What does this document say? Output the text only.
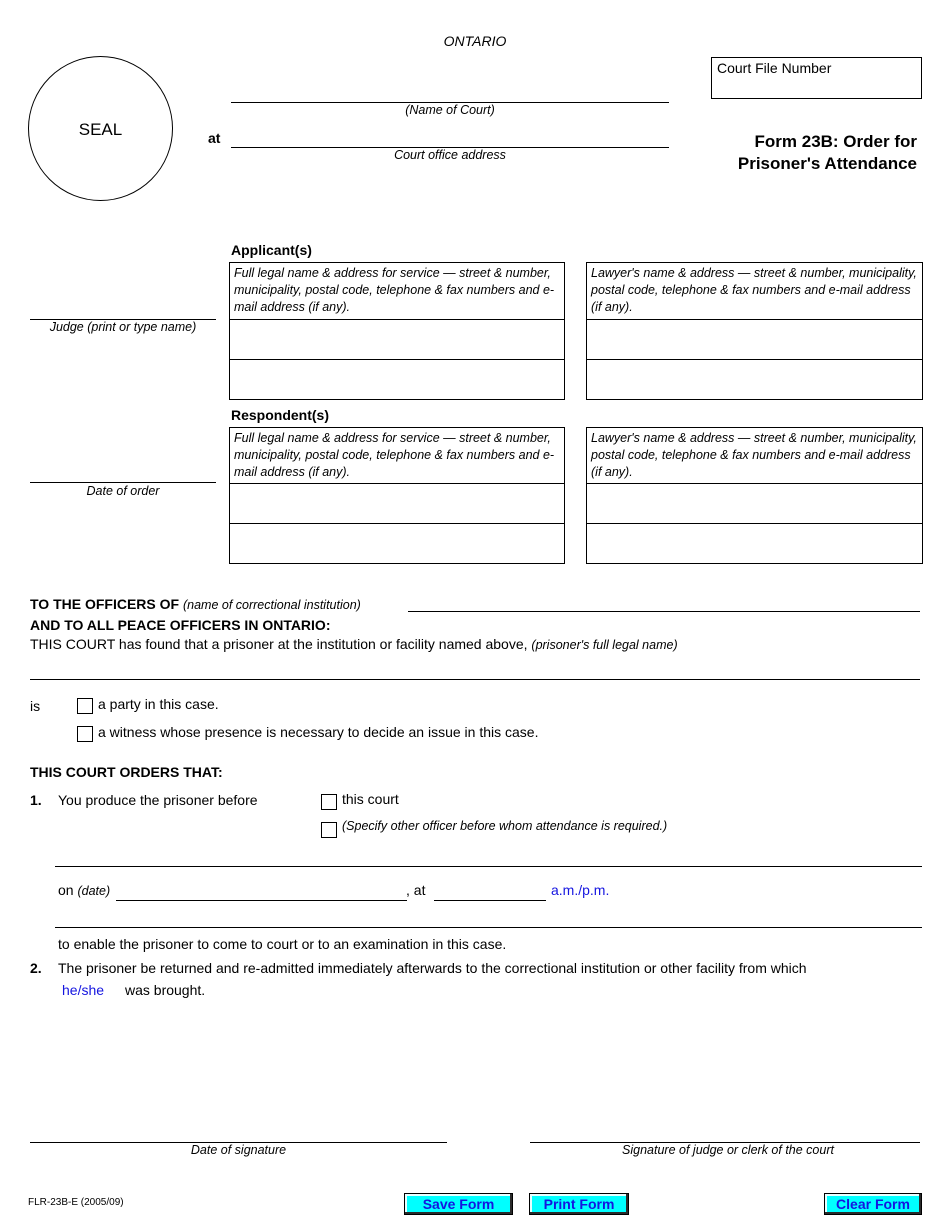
ONTARIO
SEAL
(Name of Court)
at
Court office address
Court File Number
Form 23B: Order for
Prisoner's Attendance
Judge (print or type name)
Date of order
Applicant(s)
Full legal name & address for service — street & number, municipality, postal code, telephone & fax numbers and e-mail address (if any).
Lawyer's name & address — street & number, municipality, postal code, telephone & fax numbers and e-mail address (if any).
Respondent(s)
Full legal name & address for service — street & number, municipality, postal code, telephone & fax numbers and e-mail address (if any).
Lawyer's name & address — street & number, municipality, postal code, telephone & fax numbers and e-mail address (if any).
TO THE OFFICERS OF (name of correctional institution)
AND TO ALL PEACE OFFICERS IN ONTARIO:
THIS COURT has found that a prisoner at the institution or facility named above, (prisoner's full legal name)
is	a party in this case.
a witness whose presence is necessary to decide an issue in this case.
THIS COURT ORDERS THAT:
1. You produce the prisoner before	this court
(Specify other officer before whom attendance is required.)
on (date)	, at	a.m./p.m.
to enable the prisoner to come to court or to an examination in this case.
2. The prisoner be returned and re-admitted immediately afterwards to the correctional institution or other facility from which
he/she was brought.
Date of signature	Signature of judge or clerk of the court
FLR-23B-E (2005/09)	Save Form	Print Form	Clear Form
